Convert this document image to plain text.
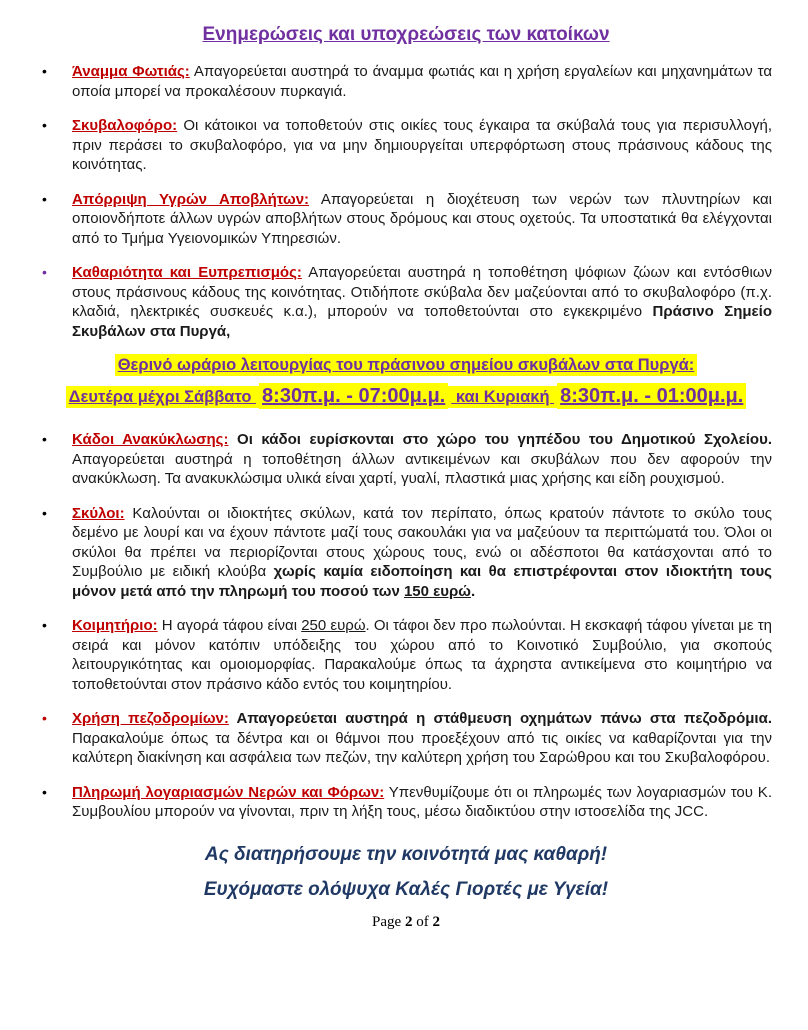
Ενημερώσεις και υποχρεώσεις των κατοίκων
• Άναμμα Φωτιάς: Απαγορεύεται αυστηρά το άναμμα φωτιάς και η χρήση εργαλείων και μηχανημάτων τα οποία μπορεί να προκαλέσουν πυρκαγιά.
• Σκυβαλοφόρο: Οι κάτοικοι να τοποθετούν στις οικίες τους έγκαιρα τα σκύβαλά τους για περισυλλογή, πριν περάσει το σκυβαλοφόρο, για να μην δημιουργείται υπερφόρτωση στους πράσινους κάδους της κοινότητας.
• Απόρριψη Υγρών Αποβλήτων: Απαγορεύεται η διοχέτευση των νερών των πλυντηρίων και οποιονδήποτε άλλων υγρών αποβλήτων στους δρόμους και στους οχετούς. Τα υποστατικά θα ελέγχονται από το Τμήμα Υγειονομικών Υπηρεσιών.
• Καθαριότητα και Ευπρεπισμός: Απαγορεύεται αυστηρά η τοποθέτηση ψόφιων ζώων και εντόσθιων στους πράσινους κάδους της κοινότητας. Οτιδήποτε σκύβαλα δεν μαζεύονται από το σκυβαλοφόρο (π.χ. κλαδιά, ηλεκτρικές συσκευές κ.α.), μπορούν να τοποθετούνται στο εγκεκριμένο Πράσινο Σημείο Σκυβάλων στα Πυργά,
Θερινό ωράριο λειτουργίας του πράσινου σημείου σκυβάλων στα Πυργά:
Δευτέρα μέχρι Σάββατο 8:30π.μ. - 07:00μ.μ. και Κυριακή 8:30π.μ. - 01:00μ.μ.
• Κάδοι Ανακύκλωσης: Οι κάδοι ευρίσκονται στο χώρο του γηπέδου του Δημοτικού Σχολείου. Απαγορεύεται αυστηρά η τοποθέτηση άλλων αντικειμένων και σκυβάλων που δεν αφορούν την ανακύκλωση. Τα ανακυκλώσιμα υλικά είναι χαρτί, γυαλί, πλαστικά μιας χρήσης και είδη ρουχισμού.
• Σκύλοι: Καλούνται οι ιδιοκτήτες σκύλων, κατά τον περίπατο, όπως κρατούν πάντοτε το σκύλο τους δεμένο με λουρί και να έχουν πάντοτε μαζί τους σακουλάκι για να μαζεύουν τα περιττώματά του. Όλοι οι σκύλοι θα πρέπει να περιορίζονται στους χώρους τους, ενώ οι αδέσποτοι θα κατάσχονται από το Συμβούλιο με ειδική κλούβα χωρίς καμία ειδοποίηση και θα επιστρέφονται στον ιδιοκτήτη τους μόνον μετά από την πληρωμή του ποσού των 150 ευρώ.
• Κοιμητήριο: Η αγορά τάφου είναι 250 ευρώ. Οι τάφοι δεν προ πωλούνται. Η εκσκαφή τάφου γίνεται με τη σειρά και μόνον κατόπιν υπόδειξης του χώρου από το Κοινοτικό Συμβούλιο, για σκοπούς λειτουργικότητας και ομοιομορφίας. Παρακαλούμε όπως τα άχρηστα αντικείμενα στο κοιμητήριο να τοποθετούνται στον πράσινο κάδο εντός του κοιμητηρίου.
• Χρήση πεζοδρομίων: Απαγορεύεται αυστηρά η στάθμευση οχημάτων πάνω στα πεζοδρόμια. Παρακαλούμε όπως τα δέντρα και οι θάμνοι που προεξέχουν από τις οικίες να καθαρίζονται για την καλύτερη διακίνηση και ασφάλεια των πεζών, την καλύτερη χρήση του Σαρώθρου και του Σκυβαλοφόρου.
• Πληρωμή λογαριασμών Νερών και Φόρων: Υπενθυμίζουμε ότι οι πληρωμές των λογαριασμών του Κ. Συμβουλίου μπορούν να γίνονται, πριν τη λήξη τους, μέσω διαδικτύου στην ιστοσελίδα της JCC.
Ας διατηρήσουμε την κοινότητά μας καθαρή!
Ευχόμαστε ολόψυχα Καλές Γιορτές με Υγεία!
Page 2 of 2
